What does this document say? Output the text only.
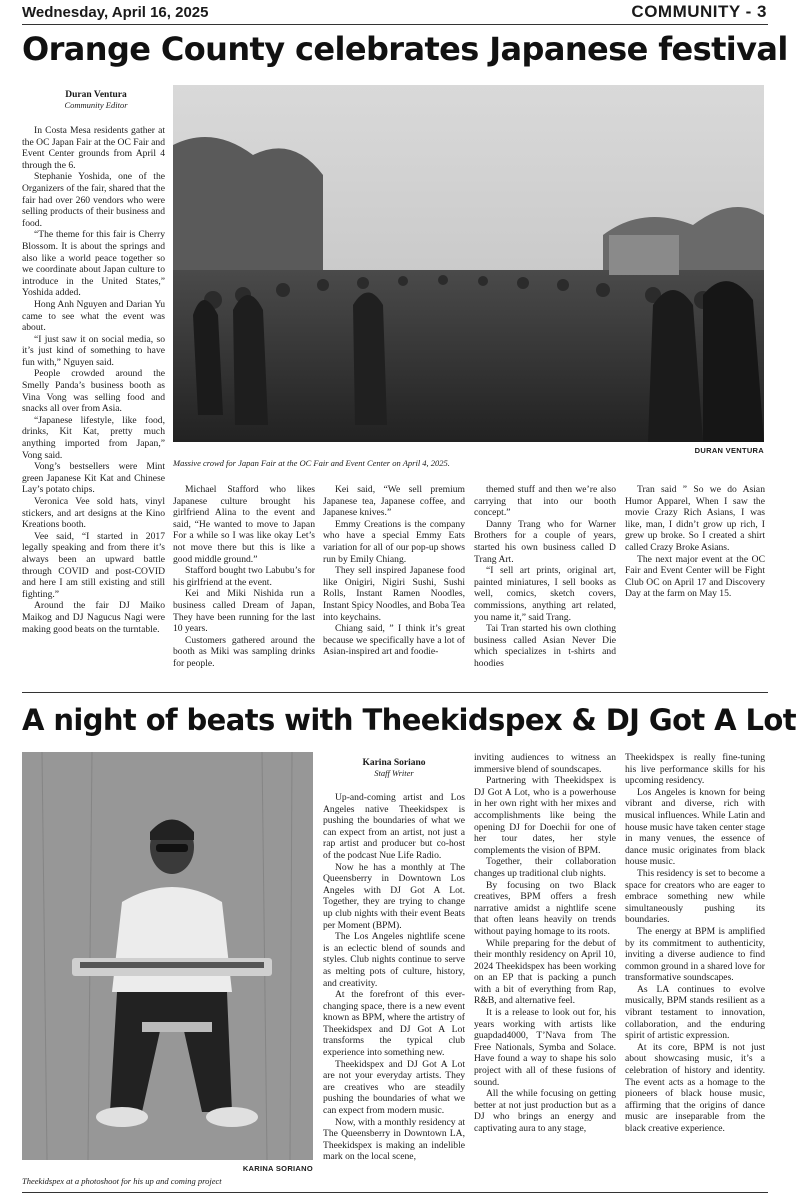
Wednesday, April 16, 2025	COMMUNITY - 3
Orange County celebrates Japanese festival
Duran Ventura
Community Editor
DURAN VENTURA
Massive crowd for Japan Fair at the OC Fair and Event Center on April 4, 2025.

In Costa Mesa residents gather at the OC Japan Fair at the OC Fair and Event Center grounds from April 4 through the 6.

Stephanie Yoshida, one of the Organizers of the fair, shared that the fair had over 260 vendors who were selling products of their business and food.

“The theme for this fair is Cherry Blossom. It is about the springs and also like a world peace together so we coordinate about Japan culture to introduce in the United States,” Yoshida added.

Hong Anh Nguyen and Darian Yu came to see what the event was about.

“I just saw it on social media, so it’s just kind of something to have fun with,” Nguyen said.

People crowded around the Smelly Panda’s business booth as Vina Vong was selling food and snacks all over from Asia.

“Japanese lifestyle, like food, drinks, Kit Kat, pretty much anything imported from Japan,” Vong said.

Vong’s bestsellers were Mint green Japanese Kit Kat and Chinese Lay’s potato chips.

Veronica Vee sold hats, vinyl stickers, and art designs at the Kino Kreations booth.

Vee said, “I started in 2017 legally speaking and from there it’s always been an upward battle through COVID and post-COVID and here I am still existing and still fighting.”

Around the fair DJ Maiko Maikog and DJ Nagucus Nagi were making good beats on the turntable.

Michael Stafford who likes Japanese culture brought his girlfriend Alina to the event and said, “He wanted to move to Japan For a while so I was like okay Let’s not move there but this is like a good middle ground.”

Stafford bought two Labubu’s for his girlfriend at the event.

Kei and Miki Nishida run a business called Dream of Japan, They have been running for the last 10 years.

Customers gathered around the booth as Miki was sampling drinks for people.

Kei said, “We sell premium Japanese tea, Japanese coffee, and Japanese knives.”

Emmy Creations is the company who have a special Emmy Eats variation for all of our pop-up shows run by Emily Chiang.

They sell inspired Japanese food like Onigiri, Nigiri Sushi, Sushi Rolls, Instant Ramen Noodles, Instant Spicy Noodles, and Boba Tea into keychains.

Chiang said, ” I think it’s great because we specifically have a lot of Asian-inspired art and foodie-

themed stuff and then we’re also carrying that into our booth concept.”

Danny Trang who for Warner Brothers for a couple of years, started his own business called D Trang Art.

“I sell art prints, original art, painted miniatures, I sell books as well, comics, sketch covers, commissions, anything art related, you name it,” said Trang.

Tai Tran started his own clothing business called Asian Never Die which specializes in t-shirts and hoodies

Tran said ” So we do Asian Humor Apparel, When I saw the movie Crazy Rich Asians, I was like, man, I didn’t grow up rich, I grew up broke. So I created a shirt called Crazy Broke Asians.

The next major event at the OC Fair and Event Center will be Fight Club OC on April 17 and Discovery Day at the farm on May 15.

A night of beats with Theekidspex & DJ Got A Lot
KARINA SORIANO
Theekidspex at a photoshoot for his up and coming project
Karina Soriano
Staff Writer

Up-and-coming artist and Los Angeles native Theekidspex is pushing the boundaries of what we can expect from an artist, not just a rap artist and producer but co-host of the podcast Nue Life Radio.

Now he has a monthly at The Queensberry in Downtown Los Angeles with DJ Got A Lot. Together, they are trying to change up club nights with their event Beats per Moment (BPM).

The Los Angeles nightlife scene is an eclectic blend of sounds and styles. Club nights continue to serve as melting pots of culture, history, and creativity.

At the forefront of this ever-changing space, there is a new event known as BPM, where the artistry of Theekidspex and DJ Got A Lot transforms the typical club experience into something new.

Theekidspex and DJ Got A Lot are not your everyday artists. They are creatives who are steadily pushing the boundaries of what we can expect from modern music.

Now, with a monthly residency at The Queensberry in Downtown LA, Theekidspex is making an indelible mark on the local scene,

inviting audiences to witness an immersive blend of soundscapes.

Partnering with Theekidspex is DJ Got A Lot, who is a powerhouse in her own right with her mixes and accomplishments like being the opening DJ for Doechii for one of her tour dates, her style complements the vision of BPM.

Together, their collaboration changes up traditional club nights.

By focusing on two Black creatives, BPM offers a fresh narrative amidst a nightlife scene that often leans heavily on trends without paying homage to its roots.

While preparing for the debut of their monthly residency on April 10, 2024 Theekidspex has been working on an EP that is packing a punch with a bit of everything from Rap, R&B, and alternative feel.

It is a release to look out for, his years working with artists like guapdad4000, T’Nava from The Free Nationals, Symba and Solace. Have found a way to shape his solo project with all of these fusions of sound.

All the while focusing on getting better at not just production but as a DJ who brings an energy and captivating aura to any stage,

Theekidspex is really fine-tuning his live performance skills for his upcoming residency.

Los Angeles is known for being vibrant and diverse, rich with musical influences. While Latin and house music have taken center stage in many venues, the essence of dance music originates from black house music.

This residency is set to become a space for creators who are eager to embrace something new while simultaneously pushing its boundaries.

The energy at BPM is amplified by its commitment to authenticity, inviting a diverse audience to find common ground in a shared love for transformative soundscapes.

As LA continues to evolve musically, BPM stands resilient as a vibrant testament to innovation, collaboration, and the enduring spirit of artistic expression.

At its core, BPM is not just about showcasing music, it’s a celebration of history and identity. The event acts as a homage to the pioneers of black house music, affirming that the origins of dance music are inseparable from the black creative experience.
